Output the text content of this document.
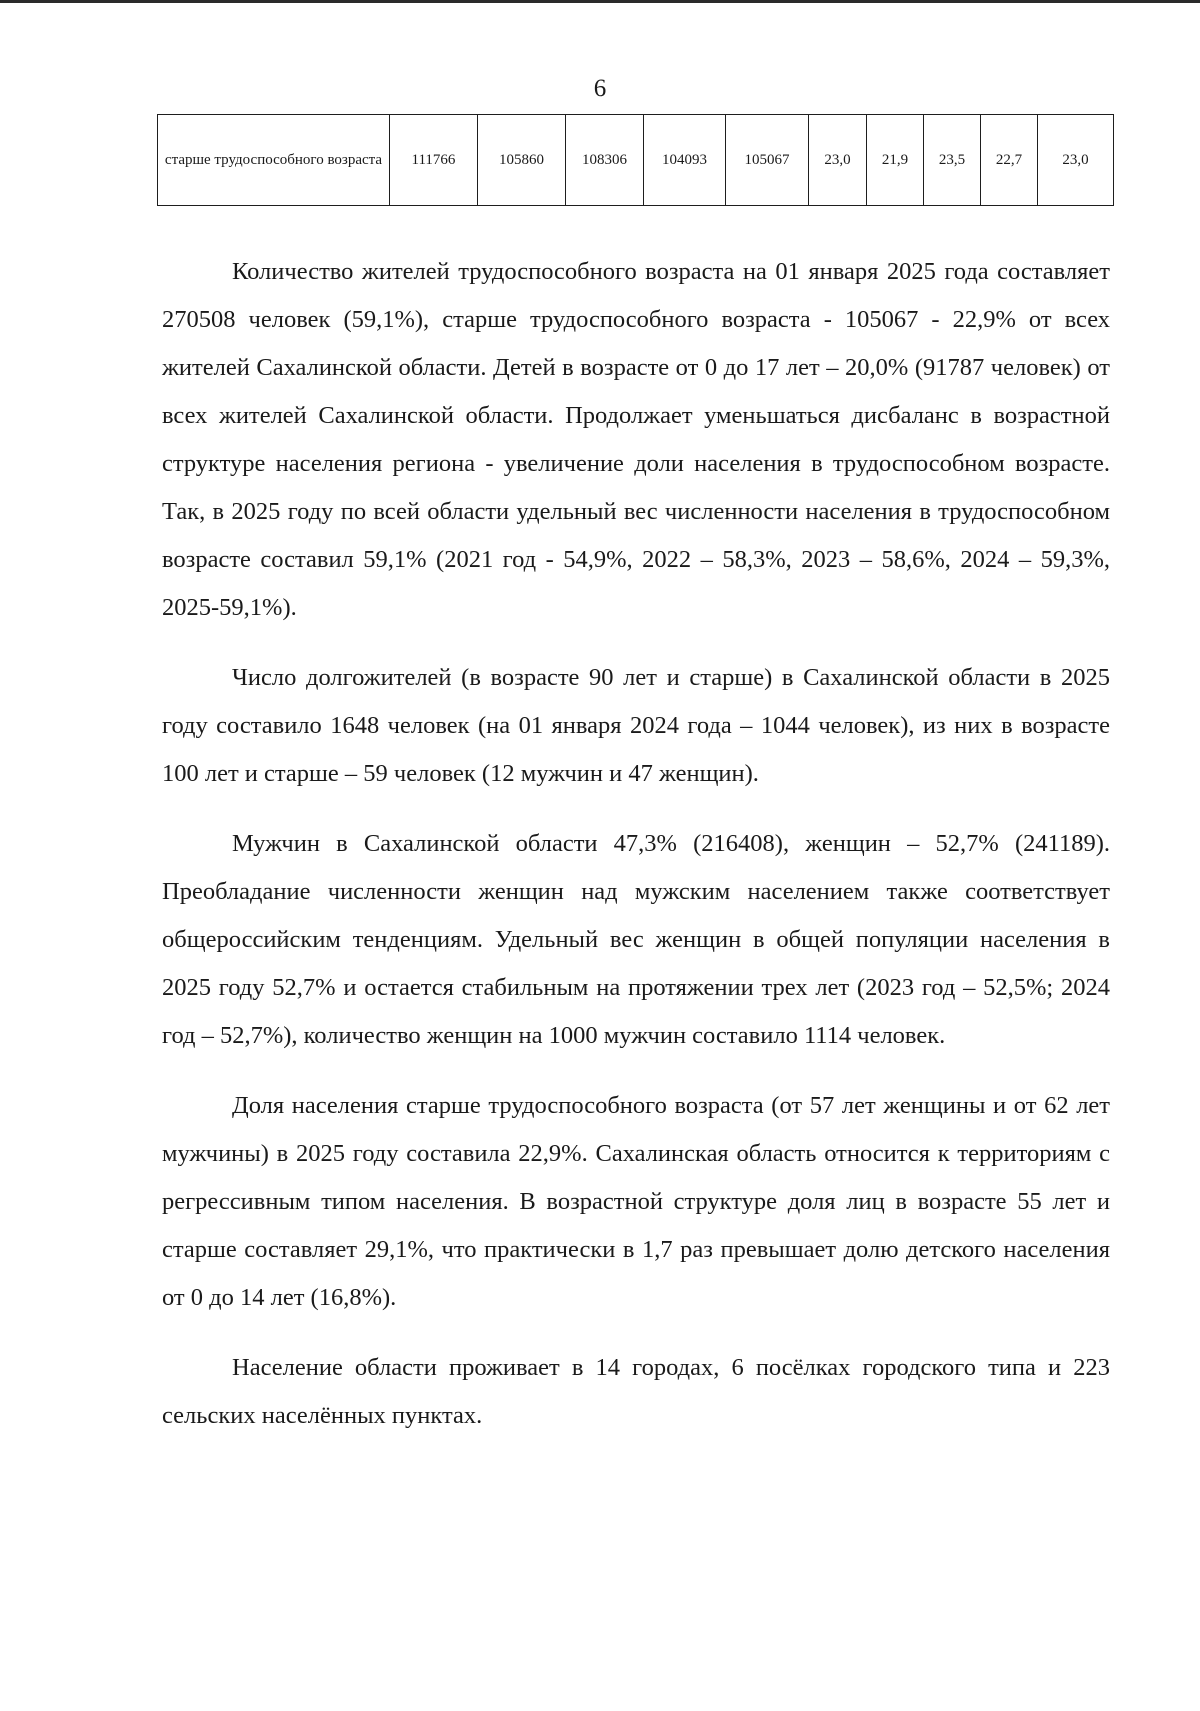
6
старше трудоспособного возраста	111766	105860	108306	104093	105067	23,0	21,9	23,5	22,7	23,0

Количество жителей трудоспособного возраста на 01 января 2025 года составляет 270508 человек (59,1%), старше трудоспособного возраста - 105067 - 22,9% от всех жителей Сахалинской области. Детей в возрасте от 0 до 17 лет – 20,0% (91787 человек) от всех жителей Сахалинской области. Продолжает уменьшаться дисбаланс в возрастной структуре населения региона - увеличение доли населения в трудоспособном возрасте. Так, в 2025 году по всей области удельный вес численности населения в трудоспособном возрасте составил 59,1% (2021 год - 54,9%, 2022 – 58,3%, 2023 – 58,6%, 2024 – 59,3%, 2025-59,1%).

Число долгожителей (в возрасте 90 лет и старше) в Сахалинской области в 2025 году составило 1648 человек (на 01 января 2024 года – 1044 человек), из них в возрасте 100 лет и старше – 59 человек (12 мужчин и 47 женщин).

Мужчин в Сахалинской области 47,3% (216408), женщин – 52,7% (241189). Преобладание численности женщин над мужским населением также соответствует общероссийским тенденциям. Удельный вес женщин в общей популяции населения в 2025 году 52,7% и остается стабильным на протяжении трех лет (2023 год – 52,5%; 2024 год – 52,7%), количество женщин на 1000 мужчин составило 1114 человек.

Доля населения старше трудоспособного возраста (от 57 лет женщины и от 62 лет мужчины) в 2025 году составила 22,9%. Сахалинская область относится к территориям с регрессивным типом населения. В возрастной структуре доля лиц в возрасте 55 лет и старше составляет 29,1%, что практически в 1,7 раз превышает долю детского населения от 0 до 14 лет (16,8%).

Население области проживает в 14 городах, 6 посёлках городского типа и 223 сельских населённых пунктах.
